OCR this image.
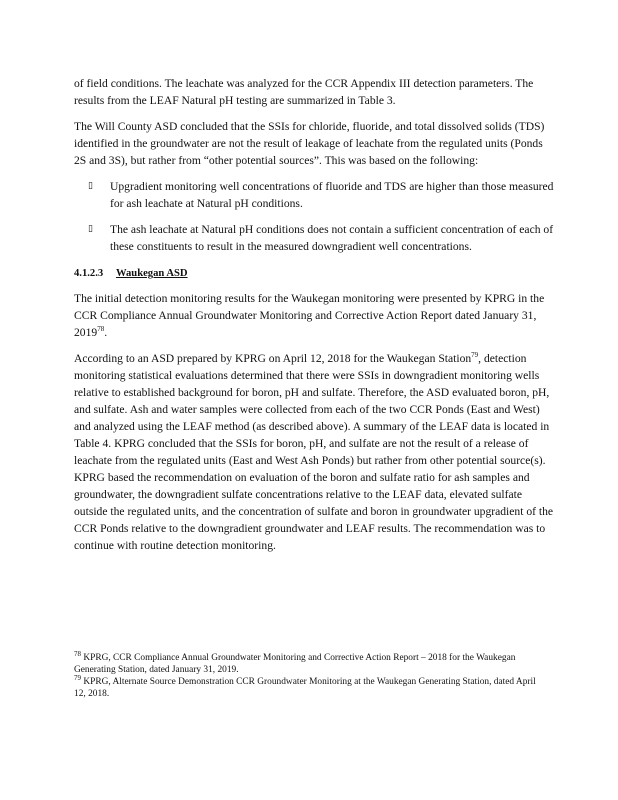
of field conditions. The leachate was analyzed for the CCR Appendix III detection parameters. The results from the LEAF Natural pH testing are summarized in Table 3.
The Will County ASD concluded that the SSIs for chloride, fluoride, and total dissolved solids (TDS) identified in the groundwater are not the result of leakage of leachate from the regulated units (Ponds 2S and 3S), but rather from “other potential sources”. This was based on the following:
▯	Upgradient monitoring well concentrations of fluoride and TDS are higher than those measured for ash leachate at Natural pH conditions.
▯	The ash leachate at Natural pH conditions does not contain a sufficient concentration of each of these constituents to result in the measured downgradient well concentrations.
4.1.2.3 Waukegan ASD
The initial detection monitoring results for the Waukegan monitoring were presented by KPRG in the CCR Compliance Annual Groundwater Monitoring and Corrective Action Report dated January 31, 2019$^{78}$.
According to an ASD prepared by KPRG on April 12, 2018 for the Waukegan Station$^{79}$, detection monitoring statistical evaluations determined that there were SSIs in downgradient monitoring wells relative to established background for boron, pH and sulfate. Therefore, the ASD evaluated boron, pH, and sulfate. Ash and water samples were collected from each of the two CCR Ponds (East and West) and analyzed using the LEAF method (as described above). A summary of the LEAF data is located in Table 4. KPRG concluded that the SSIs for boron, pH, and sulfate are not the result of a release of leachate from the regulated units (East and West Ash Ponds) but rather from other potential source(s). KPRG based the recommendation on evaluation of the boron and sulfate ratio for ash samples and groundwater, the downgradient sulfate concentrations relative to the LEAF data, elevated sulfate outside the regulated units, and the concentration of sulfate and boron in groundwater upgradient of the CCR Ponds relative to the downgradient groundwater and LEAF results. The recommendation was to continue with routine detection monitoring.
$^{78}$ KPRG, CCR Compliance Annual Groundwater Monitoring and Corrective Action Report – 2018 for the Waukegan Generating Station, dated January 31, 2019.
$^{79}$ KPRG, Alternate Source Demonstration CCR Groundwater Monitoring at the Waukegan Generating Station, dated April 12, 2018.
